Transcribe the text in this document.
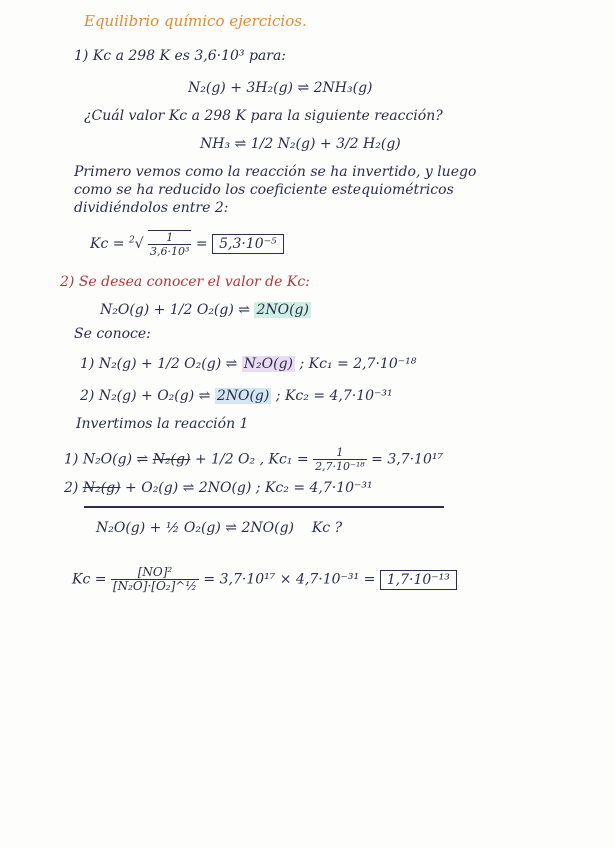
Equilibrio químico ejercicios.
1) Kc a 298 K es 3,6·10³ para:
N₂(g) + 3H₂(g) ⇌ 2NH₃(g)
¿Cuál valor Kc a 298 K para la siguiente reacción?
NH₃ ⇌ 1/2 N₂(g) + 3/2 H₂(g)
Primero vemos como la reacción se ha invertido, y luego
como se ha reducido los coeficiente estequiométricos
dividiéndolos entre 2:
$Kc = ^2√ \frac{1}{\text{3,6·10³}} = 5,3\cdot 10^{-5}$
2) Se desea conocer el valor de Kc:
N₂O(g) + 1/2 O₂(g) ⇌ 2NO(g)
Se conoce:
1) N₂(g) + 1/2 O₂(g) ⇌ N₂O(g) ; Kc₁ = 2,7·10⁻¹⁸
2) N₂(g) + O₂(g) ⇌ 2NO(g) ; Kc₂ = 4,7·10⁻³¹
Invertimos la reacción 1
1) N₂O(g) ⇌ N₂(g) + 1/2 O₂ , $Kc_1 = \frac{1}{\text{2,7·10⁻¹⁸}} = 3,7\cdot 10^{17}$
2) N₂(g) + O₂(g) ⇌ 2NO(g) ; Kc₂ = 4,7·10⁻³¹
N₂O(g) + ½ O₂(g) ⇌ 2NO(g) Kc ?
$Kc = \frac{\text{[NO]²}}{\text{[N₂O]·[O₂]\textasciicircum{}½}} = 3,7\cdot 10^{17} \times 4,7\cdot 10^{-31} = 1,7\cdot 10^{-13}$
